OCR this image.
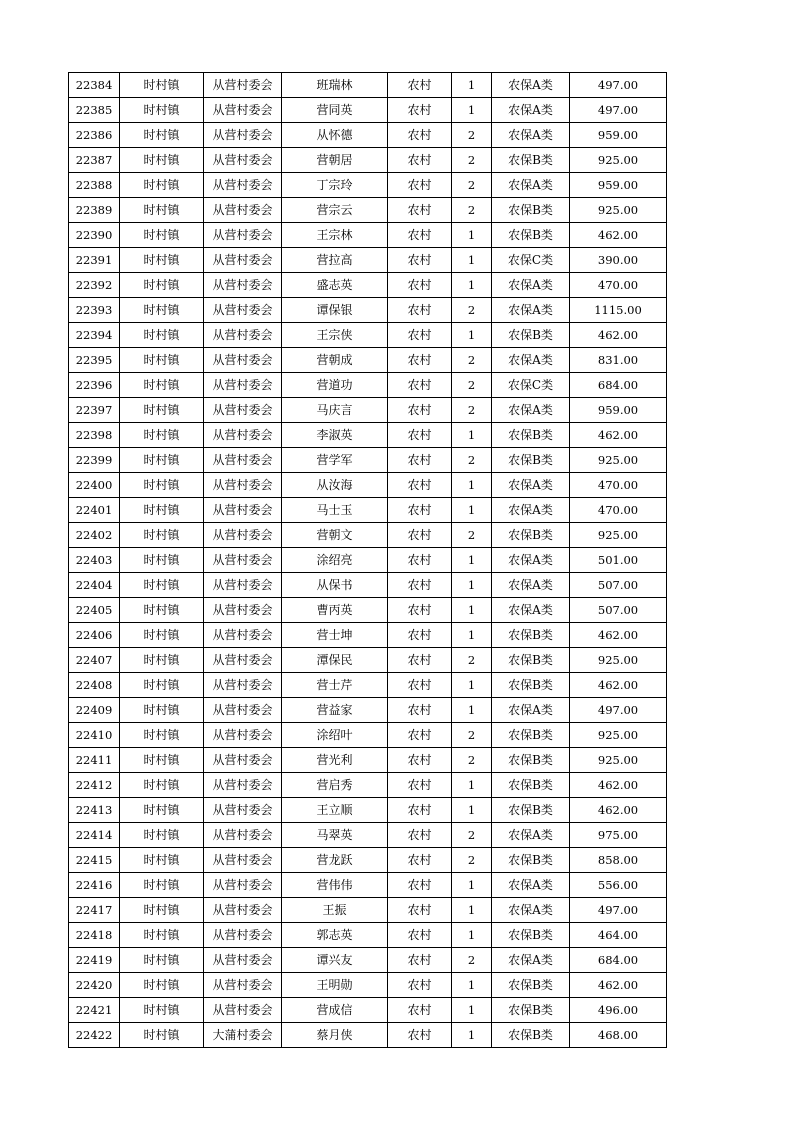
22384	时村镇	从营村委会	班瑞林	农村	1	农保A类	497.00
22385	时村镇	从营村委会	营同英	农村	1	农保A类	497.00
22386	时村镇	从营村委会	从怀德	农村	2	农保A类	959.00
22387	时村镇	从营村委会	营朝居	农村	2	农保B类	925.00
22388	时村镇	从营村委会	丁宗玲	农村	2	农保A类	959.00
22389	时村镇	从营村委会	营宗云	农村	2	农保B类	925.00
22390	时村镇	从营村委会	王宗林	农村	1	农保B类	462.00
22391	时村镇	从营村委会	营拉高	农村	1	农保C类	390.00
22392	时村镇	从营村委会	盛志英	农村	1	农保A类	470.00
22393	时村镇	从营村委会	谭保银	农村	2	农保A类	1115.00
22394	时村镇	从营村委会	王宗侠	农村	1	农保B类	462.00
22395	时村镇	从营村委会	营朝成	农村	2	农保A类	831.00
22396	时村镇	从营村委会	营道功	农村	2	农保C类	684.00
22397	时村镇	从营村委会	马庆言	农村	2	农保A类	959.00
22398	时村镇	从营村委会	李淑英	农村	1	农保B类	462.00
22399	时村镇	从营村委会	营学军	农村	2	农保B类	925.00
22400	时村镇	从营村委会	从汝海	农村	1	农保A类	470.00
22401	时村镇	从营村委会	马士玉	农村	1	农保A类	470.00
22402	时村镇	从营村委会	营朝文	农村	2	农保B类	925.00
22403	时村镇	从营村委会	涂绍亮	农村	1	农保A类	501.00
22404	时村镇	从营村委会	从保书	农村	1	农保A类	507.00
22405	时村镇	从营村委会	曹丙英	农村	1	农保A类	507.00
22406	时村镇	从营村委会	营士坤	农村	1	农保B类	462.00
22407	时村镇	从营村委会	潭保民	农村	2	农保B类	925.00
22408	时村镇	从营村委会	营士芹	农村	1	农保B类	462.00
22409	时村镇	从营村委会	营益家	农村	1	农保A类	497.00
22410	时村镇	从营村委会	涂绍叶	农村	2	农保B类	925.00
22411	时村镇	从营村委会	营光利	农村	2	农保B类	925.00
22412	时村镇	从营村委会	营启秀	农村	1	农保B类	462.00
22413	时村镇	从营村委会	王立顺	农村	1	农保B类	462.00
22414	时村镇	从营村委会	马翠英	农村	2	农保A类	975.00
22415	时村镇	从营村委会	营龙跃	农村	2	农保B类	858.00
22416	时村镇	从营村委会	营伟伟	农村	1	农保A类	556.00
22417	时村镇	从营村委会	王振	农村	1	农保A类	497.00
22418	时村镇	从营村委会	郭志英	农村	1	农保B类	464.00
22419	时村镇	从营村委会	谭兴友	农村	2	农保A类	684.00
22420	时村镇	从营村委会	王明勋	农村	1	农保B类	462.00
22421	时村镇	从营村委会	营成信	农村	1	农保B类	496.00
22422	时村镇	大蒲村委会	蔡月侠	农村	1	农保B类	468.00
